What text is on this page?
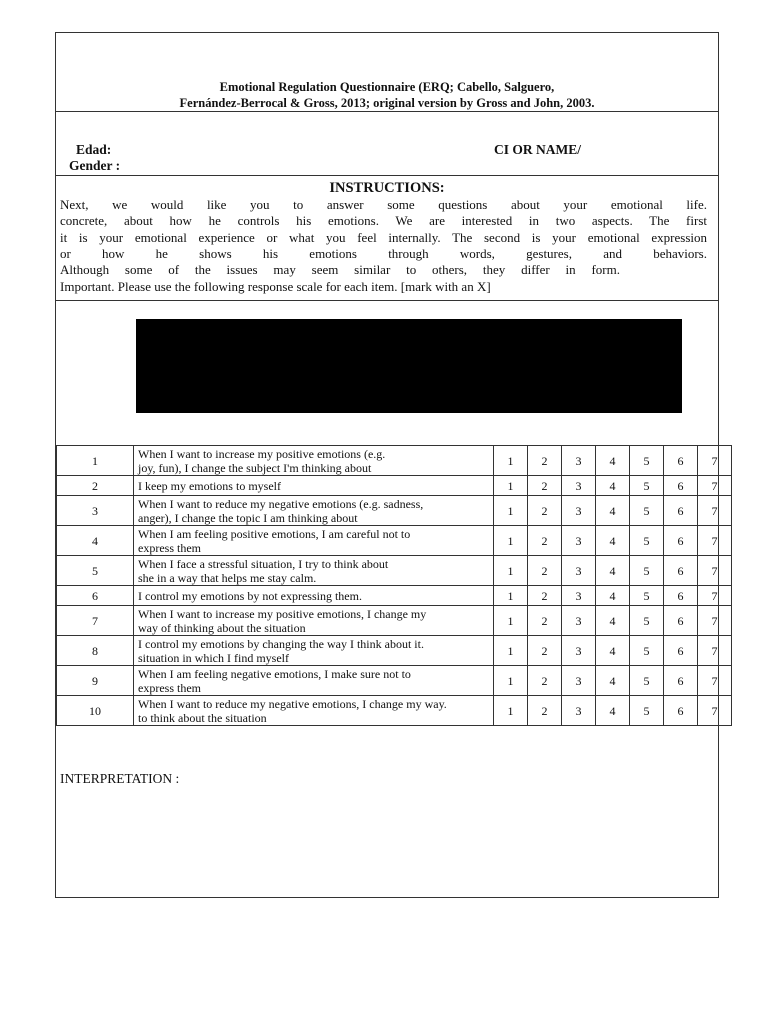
Emotional Regulation Questionnaire (ERQ; Cabello, Salguero,
Fernández-Berrocal & Gross, 2013; original version by Gross and John, 2003.
Edad:
Gender :
CI OR NAME/
INSTRUCTIONS:
Next, we would like you to answer some questions about your emotional life.
concrete, about how he controls his emotions. We are interested in two aspects. The first
it is your emotional experience or what you feel internally. The second is your emotional expression
or how he shows his emotions through words, gestures, and behaviors.
Although some of the issues may seem similar to others, they differ in form.
Important. Please use the following response scale for each item. [mark with an X]
1	When I want to increase my positive emotions (e.g.
joy, fun), I change the subject I'm thinking about	1	2	3	4	5	6	7
2	I keep my emotions to myself	1	2	3	4	5	6	7
3	When I want to reduce my negative emotions (e.g. sadness,
anger), I change the topic I am thinking about	1	2	3	4	5	6	7
4	When I am feeling positive emotions, I am careful not to
express them	1	2	3	4	5	6	7
5	When I face a stressful situation, I try to think about
she in a way that helps me stay calm.	1	2	3	4	5	6	7
6	I control my emotions by not expressing them.	1	2	3	4	5	6	7
7	When I want to increase my positive emotions, I change my
way of thinking about the situation	1	2	3	4	5	6	7
8	I control my emotions by changing the way I think about it.
situation in which I find myself	1	2	3	4	5	6	7
9	When I am feeling negative emotions, I make sure not to
express them	1	2	3	4	5	6	7
10	When I want to reduce my negative emotions, I change my way.
to think about the situation	1	2	3	4	5	6	7
INTERPRETATION :
